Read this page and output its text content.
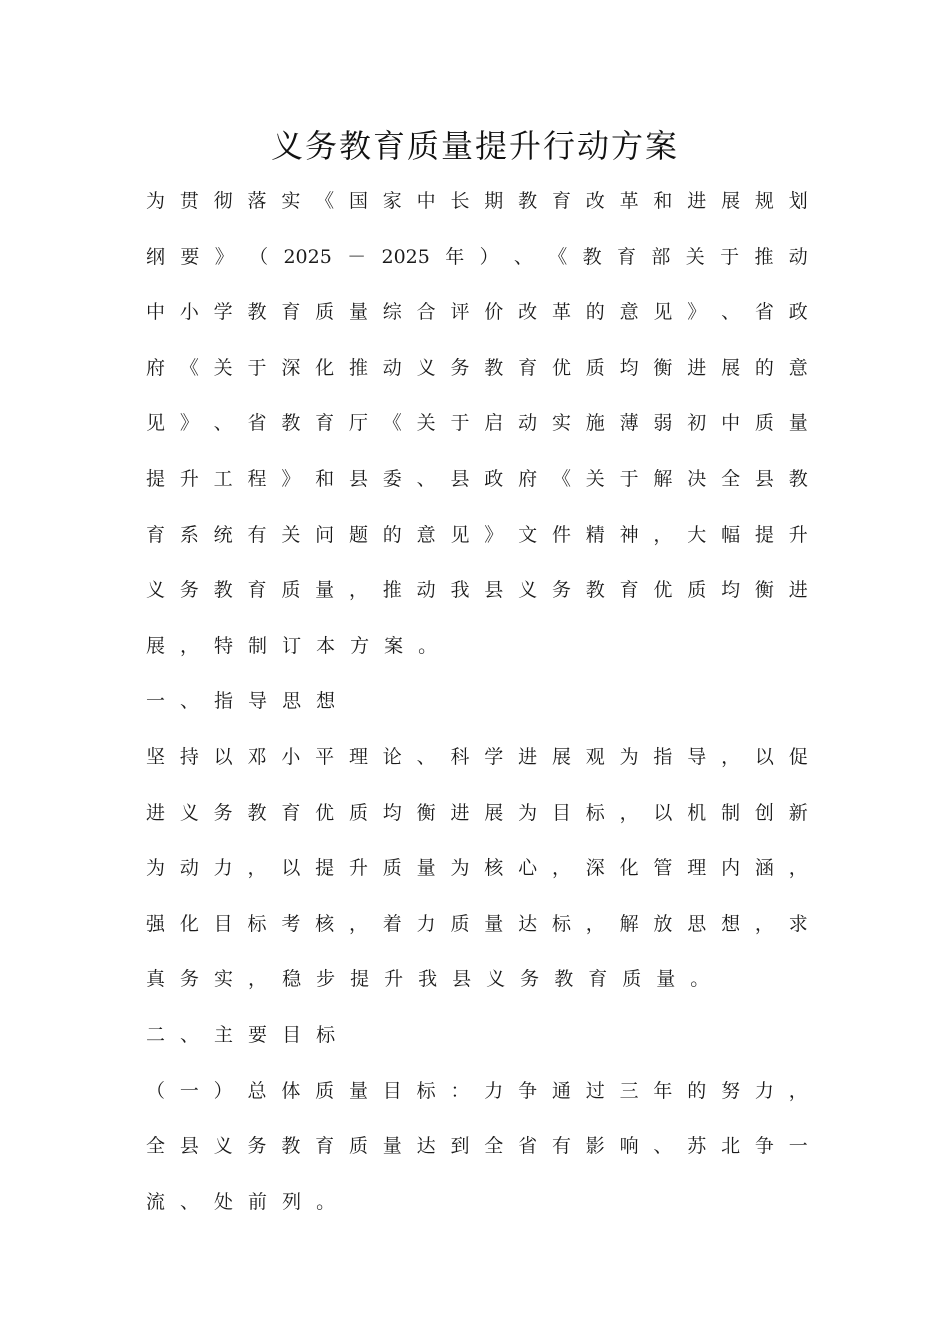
义务教育质量提升行动方案
为 贯 彻 落 实 《 国 家 中 长 期 教 育 改 革 和 进 展 规 划
纲 要 》 （ 2025 － 2025 年 ） 、 《 教 育 部 关 于 推 动
中 小 学 教 育 质 量 综 合 评 价 改 革 的 意 见 》 、 省 政
府 《 关 于 深 化 推 动 义 务 教 育 优 质 均 衡 进 展 的 意
见 》 、 省 教 育 厅 《 关 于 启 动 实 施 薄 弱 初 中 质 量
提 升 工 程 》 和 县 委 、 县 政 府 《 关 于 解 决 全 县 教
育 系 统 有 关 问 题 的 意 见 》 文 件 精 神 ， 大 幅 提 升
义 务 教 育 质 量 ， 推 动 我 县 义 务 教 育 优 质 均 衡 进
展 ， 特 制 订 本 方 案 。
一 、 指 导 思 想
坚 持 以 邓 小 平 理 论 、 科 学 进 展 观 为 指 导 ， 以 促
进 义 务 教 育 优 质 均 衡 进 展 为 目 标 ， 以 机 制 创 新
为 动 力 ， 以 提 升 质 量 为 核 心 ， 深 化 管 理 内 涵 ，
强 化 目 标 考 核 ， 着 力 质 量 达 标 ， 解 放 思 想 ， 求
真 务 实 ， 稳 步 提 升 我 县 义 务 教 育 质 量 。
二 、 主 要 目 标
（ 一 ） 总 体 质 量 目 标 ： 力 争 通 过 三 年 的 努 力 ，
全 县 义 务 教 育 质 量 达 到 全 省 有 影 响 、 苏 北 争 一
流 、 处 前 列 。
